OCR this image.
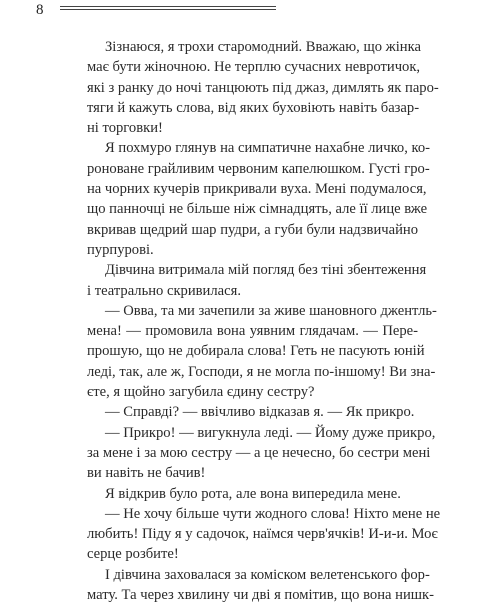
8
Зізнаюся, я трохи старомодний. Вважаю, що жінка
має бути жіночною. Не терплю сучасних невротичок,
які з ранку до ночі танцюють під джаз, димлять як паро-
тяги й кажуть слова, від яких буховіють навіть базар-
ні торговки!
Я похмуро глянув на симпатичне нахабне личко, ко-
роноване грайливим червоним капелюшком. Густі гро-
на чорних кучерів прикривали вуха. Мені подумалося,
що панночці не більше ніж сімнадцять, але її лице вже
вкривав щедрий шар пудри, а губи були надзвичайно
пурпурові.
Дівчина витримала мій погляд без тіні збентеження
і театрально скривилася.
— Овва, та ми зачепили за живе шановного джентль-
мена! — промовила вона уявним глядачам. — Пере-
прошую, що не добирала слова! Геть не пасують юній
леді, так, але ж, Господи, я не могла по-іншому! Ви зна-
єте, я щойно загубила єдину сестру?
— Справді? — ввічливо відказав я. — Як прикро.
— Прикро! — вигукнула леді. — Йому дуже прикро,
за мене і за мою сестру — а це нечесно, бо сестри мені
ви навіть не бачив!
Я відкрив було рота, але вона випередила мене.
— Не хочу більше чути жодного слова! Ніхто мене не
любить! Піду я у садочок, наїмся черв'ячків! И-и-и. Моє
серце розбите!
І дівчина заховалася за коміском велетенського фор-
мату. Та через хвилину чи дві я помітив, що вона нишк-
